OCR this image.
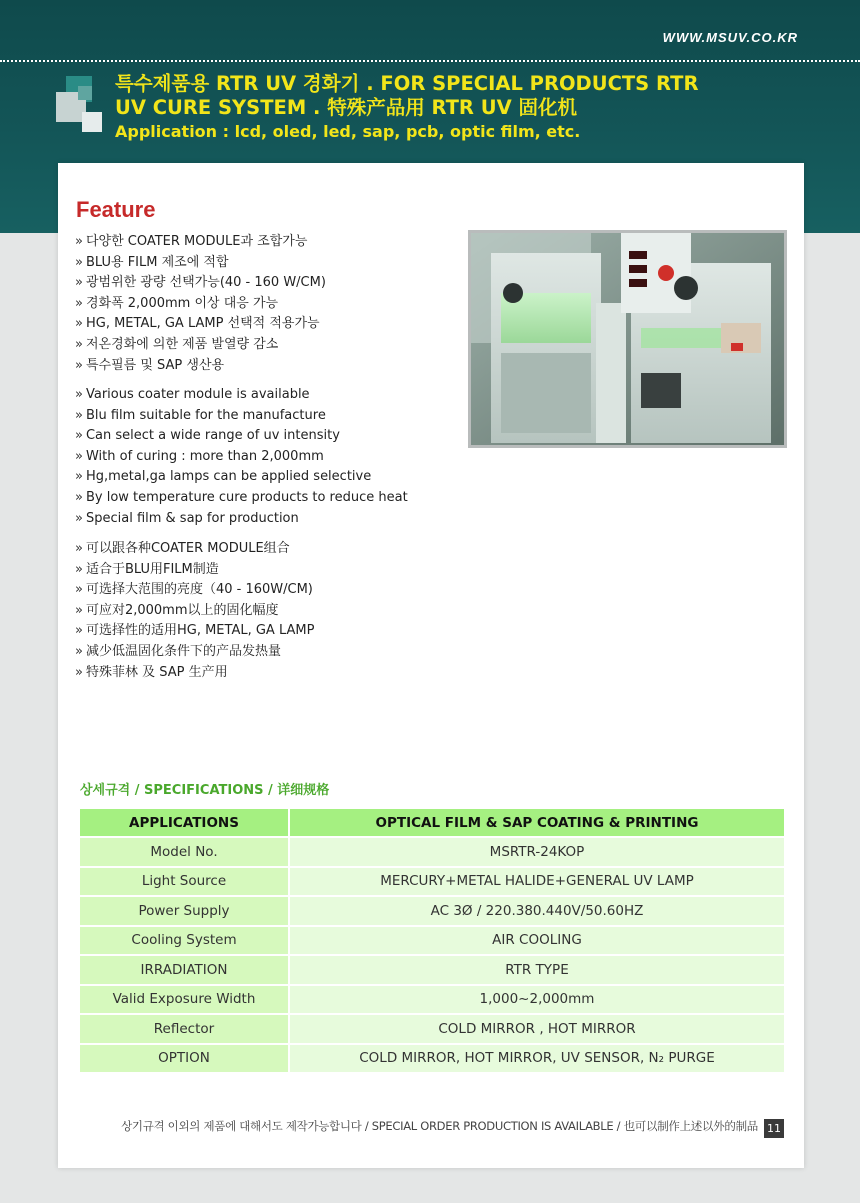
WWW.MSUV.CO.KR
특수제품용 RTR UV 경화기 . FOR SPECIAL PRODUCTS RTR
UV CURE SYSTEM . 特殊产品用 RTR UV 固化机
Application : lcd, oled, led, sap, pcb, optic film, etc.
Feature
» 다양한 COATER MODULE과 조합가능
» BLU용 FILM 제조에 적합
» 광범위한 광량 선택가능(40 - 160 W/CM)
» 경화폭 2,000mm 이상 대응 가능
» HG, METAL, GA LAMP 선택적 적용가능
» 저온경화에 의한 제품 발열량 감소
» 특수필름 및 SAP 생산용
» Various coater module is available
» Blu film suitable for the manufacture
» Can select a wide range of uv intensity
» With of curing : more than 2,000mm
» Hg,metal,ga lamps can be applied selective
» By low temperature cure products to reduce heat
» Special film & sap for production
» 可以跟各种COATER MODULE组合
» 适合于BLU用FILM制造
» 可选择大范围的亮度（40 - 160W/CM)
» 可应对2,000mm以上的固化幅度
» 可选择性的适用HG, METAL, GA LAMP
» 减少低温固化条件下的产品发热量
» 特殊菲林 及 SAP 生产用
상세규격 / SPECIFICATIONS / 详细规格
APPLICATIONS		OPTICAL FILM & SAP COATING & PRINTING
Model No.		MSRTR-24KOP
Light Source		MERCURY+METAL HALIDE+GENERAL UV LAMP
Power Supply		AC 3Ø / 220.380.440V/50.60HZ
Cooling System		AIR COOLING
IRRADIATION		RTR TYPE
Valid Exposure Width		1,000~2,000mm
Reflector		COLD MIRROR , HOT MIRROR
OPTION		COLD MIRROR, HOT MIRROR, UV SENSOR, N₂ PURGE
상기규격 이외의 제품에 대해서도 제작가능합니다 / SPECIAL ORDER PRODUCTION IS AVAILABLE / 也可以制作上述以外的制品 11
